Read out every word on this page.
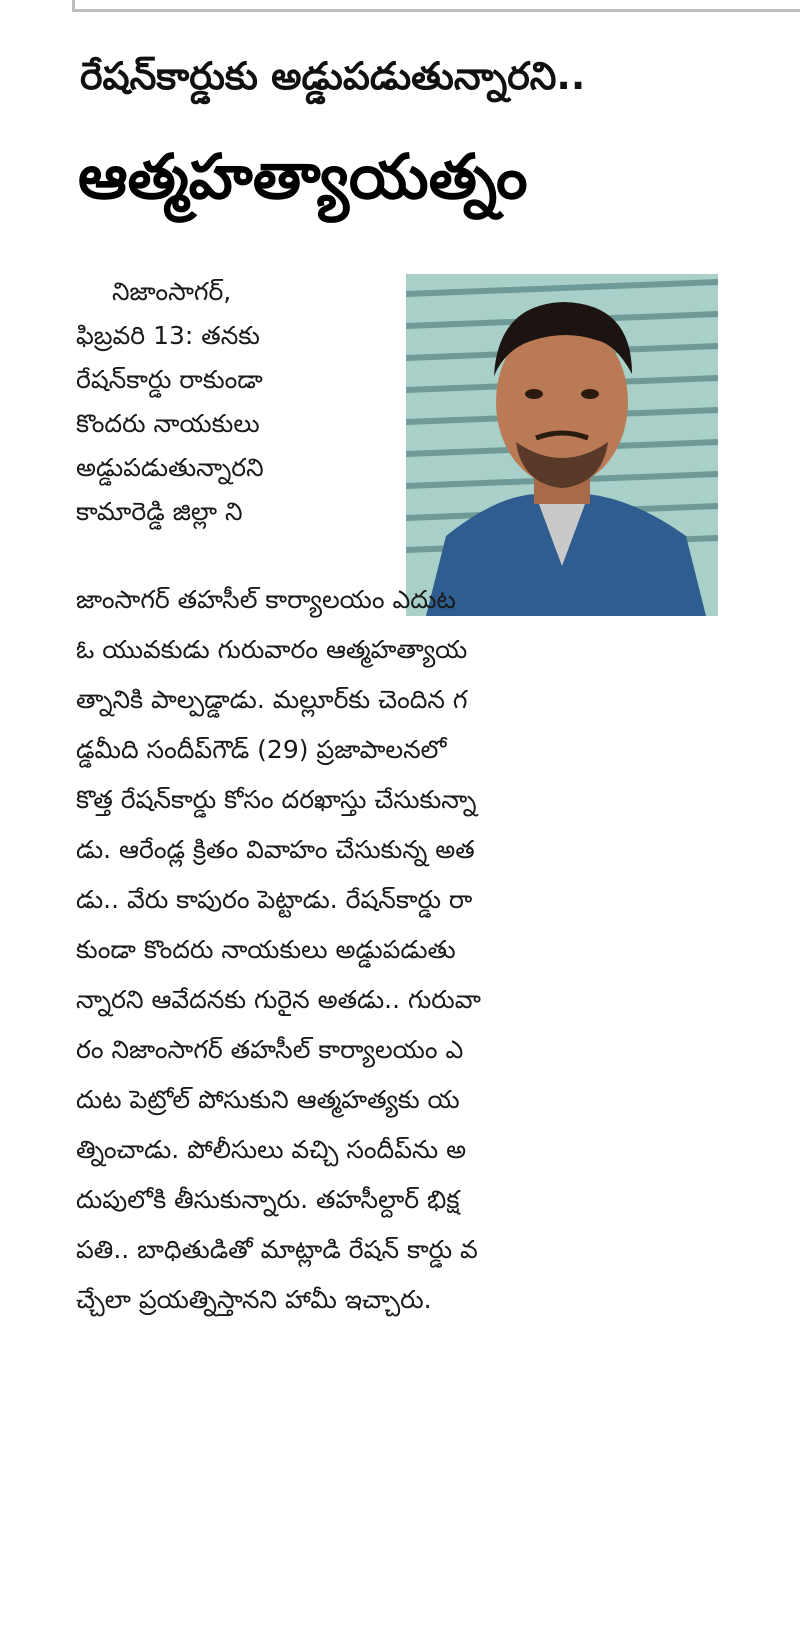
రేషన్‌కార్డుకు అడ్డుపడుతున్నారని..
ఆత్మహత్యాయత్నం
నిజాంసాగర్,
ఫిబ్రవరి 13: తనకు
రేషన్‌కార్డు రాకుండా
కొందరు నాయకులు
అడ్డుపడుతున్నారని
కామారెడ్డి జిల్లా ని
జాంసాగర్ తహసీల్ కార్యాలయం ఎదుట
ఓ యువకుడు గురువారం ఆత్మహత్యాయ
త్నానికి పాల్పడ్డాడు. మల్లూర్‌కు చెందిన గ
డ్డమీది సందీప్‌గౌడ్ (29) ప్రజాపాలనలో
కొత్త రేషన్‌కార్డు కోసం దరఖాస్తు చేసుకున్నా
డు. ఆరేండ్ల క్రితం వివాహం చేసుకున్న అత
డు.. వేరు కాపురం పెట్టాడు. రేషన్‌కార్డు రా
కుండా కొందరు నాయకులు అడ్డుపడుతు
న్నారని ఆవేదనకు గురైన అతడు.. గురువా
రం నిజాంసాగర్ తహసీల్ కార్యాలయం ఎ
దుట పెట్రోల్ పోసుకుని ఆత్మహత్యకు య
త్నించాడు. పోలీసులు వచ్చి సందీప్‌ను అ
దుపులోకి తీసుకున్నారు. తహసీల్దార్ భిక్ష
పతి.. బాధితుడితో మాట్లాడి రేషన్ కార్డు వ
చ్చేలా ప్రయత్నిస్తానని హామీ ఇచ్చారు.
